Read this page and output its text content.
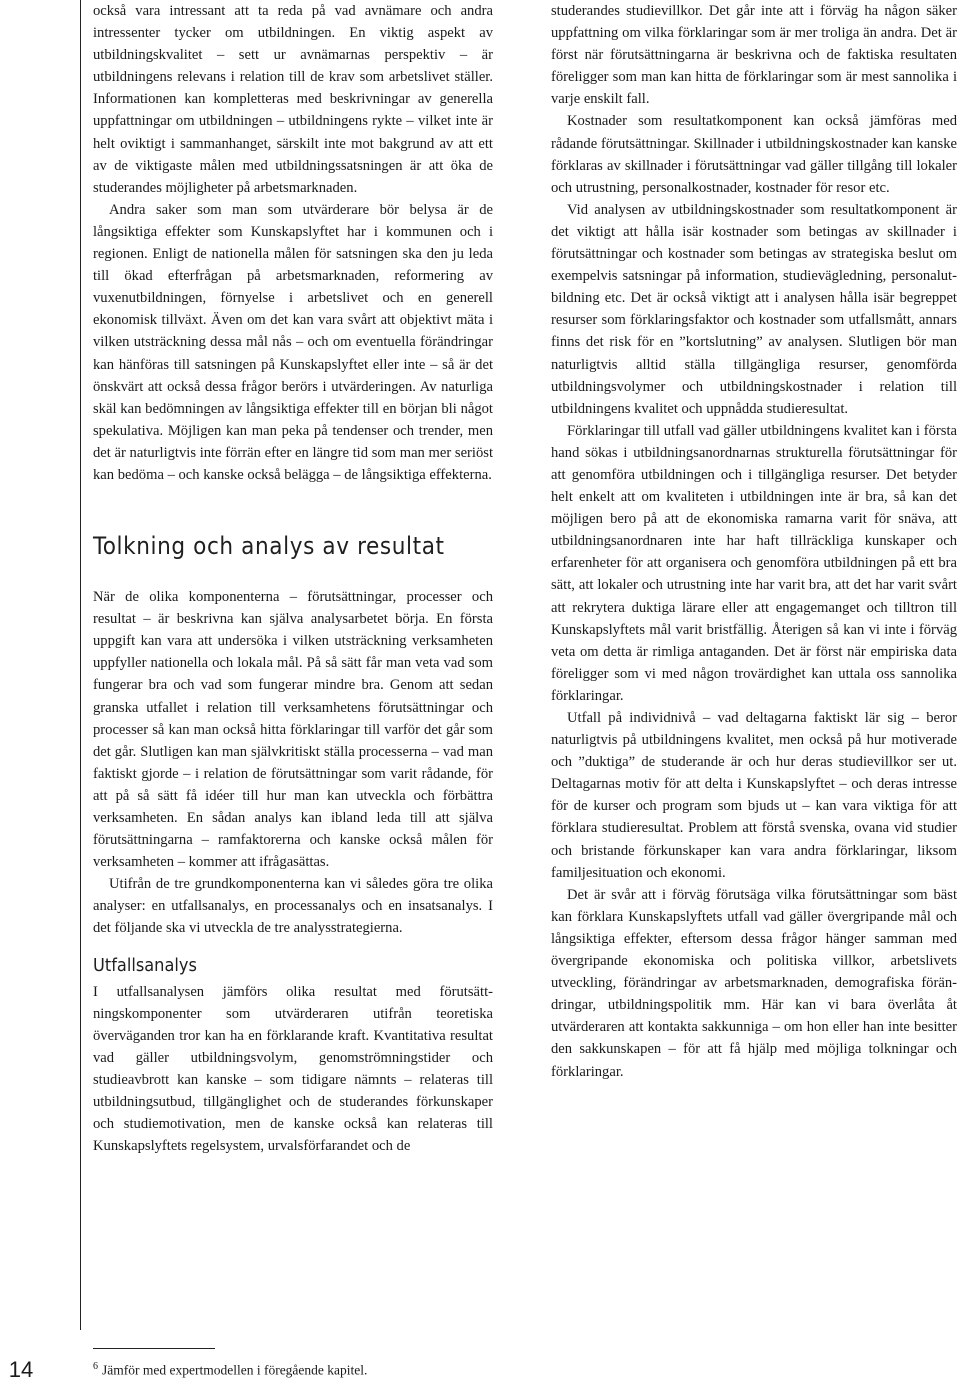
14

också vara intressant att ta reda på vad avnämare och andra intressenter tycker om utbildningen. En viktig aspekt av utbildningskvalitet – sett ur avnämarnas perspektiv – är utbildningens relevans i relation till de krav som arbetslivet ställer. Informationen kan kompletteras med beskrivningar av generella uppfattningar om utbildningen – utbildningens rykte – vilket inte är helt oviktigt i sammanhanget, särskilt inte mot bakgrund av att ett av de viktigaste målen med utbildningssatsningen är att öka de studerandes möjligheter på arbetsmarknaden.

Andra saker som man som utvärderare bör belysa är de långsiktiga effekter som Kunskapslyftet har i kommunen och i regionen. Enligt de nationella målen för satsningen ska den ju leda till ökad efterfrågan på arbetsmarknaden, reformering av vuxenutbildningen, förnyelse i arbetslivet och en generell ekonomisk tillväxt. Även om det kan vara svårt att objektivt mäta i vilken utsträckning dessa mål nås – och om eventuella förändringar kan hänföras till satsningen på Kunskapslyftet eller inte – så är det önskvärt att också dessa frågor berörs i utvärderingen. Av naturliga skäl kan bedömningen av långsiktiga effekter till en början bli något spekulativa. Möjligen kan man peka på tendenser och trender, men det är naturligtvis inte förrän efter en längre tid som man mer seriöst kan bedöma – och kanske också belägga – de långsiktiga effekterna.

Tolkning och analys av resultat

När de olika komponenterna – förutsättningar, processer och resultat – är beskrivna kan själva analysarbetet börja. En första uppgift kan vara att undersöka i vilken utsträckning verksamheten uppfyller nationella och lokala mål. På så sätt får man veta vad som fungerar bra och vad som fungerar mindre bra. Genom att sedan granska utfallet i relation till verksamhetens förutsättningar och processer så kan man också hitta förklaringar till varför det går som det går. Slutligen kan man självkritiskt ställa processerna – vad man faktiskt gjorde – i relation de förutsättningar som varit rådande, för att på så sätt få idéer till hur man kan utveckla och förbättra verksamheten. En sådan analys kan ibland leda till att själva förutsättningarna – ramfaktorerna och kanske också målen för verksamheten – kommer att ifrågasättas.

Utifrån de tre grundkomponenterna kan vi således göra tre olika analyser: en utfallsanalys, en processanalys och en insatsanalys. I det följande ska vi utveckla de tre analysstrategierna.

Utfallsanalys

I utfallsanalysen jämförs olika resultat med förutsättningskomponenter som utvärderaren utifrån teoretiska överväganden tror kan ha en förklarande kraft. Kvantitativa resultat vad gäller utbildningsvolym, genomströmningstider och studieavbrott kan kanske – som tidigare nämnts – relateras till utbildningsutbud, tillgänglighet och de studerandes förkunskaper och studiemotivation, men de kanske också kan relateras till Kunskapslyftets regelsystem, urvalsförfarandet och de

studerandes studievillkor. Det går inte att i förväg ha någon säker uppfattning om vilka förklaringar som är mer troliga än andra. Det är först när förutsättningarna är beskrivna och de faktiska resultaten föreligger som man kan hitta de förklaringar som är mest sannolika i varje enskilt fall.

Kostnader som resultatkomponent kan också jämföras med rådande förutsättningar. Skillnader i utbildningskostnader kan kanske förklaras av skillnader i förutsättningar vad gäller tillgång till lokaler och utrustning, personalkostnader, kostnader för resor etc.

Vid analysen av utbildningskostnader som resultatkomponent är det viktigt att hålla isär kostnader som betingas av skillnader i förutsättningar och kostnader som betingas av strategiska beslut om exempelvis satsningar på information, studievägledning, personalutbildning etc. Det är också viktigt att i analysen hålla isär begreppet resurser som förklaringsfaktor och kostnader som utfallsmått, annars finns det risk för en ”kortslutning” av analysen. Slutligen bör man naturligtvis alltid ställa tillgängliga resurser, genomförda utbildningsvolymer och utbildningskostnader i relation till utbildningens kvalitet och uppnådda studieresultat.

Förklaringar till utfall vad gäller utbildningens kvalitet kan i första hand sökas i utbildningsanordnarnas strukturella förutsättningar för att genomföra utbildningen och i tillgängliga resurser. Det betyder helt enkelt att om kvaliteten i utbildningen inte är bra, så kan det möjligen bero på att de ekonomiska ramarna varit för snäva, att utbildningsanordnaren inte har haft tillräckliga kunskaper och erfarenheter för att organisera och genomföra utbildningen på ett bra sätt, att lokaler och utrustning inte har varit bra, att det har varit svårt att rekrytera duktiga lärare eller att engagemanget och tilltron till Kunskapslyftets mål varit bristfällig. Återigen så kan vi inte i förväg veta om detta är rimliga antaganden. Det är först när empiriska data föreligger som vi med någon trovärdighet kan uttala oss sannolika förklaringar.

Utfall på individnivå – vad deltagarna faktiskt lär sig – beror naturligtvis på utbildningens kvalitet, men också på hur motiverade och ”duktiga” de studerande är och hur deras studievillkor ser ut. Deltagarnas motiv för att delta i Kunskapslyftet – och deras intresse för de kurser och program som bjuds ut – kan vara viktiga för att förklara studieresultat. Problem att förstå svenska, ovana vid studier och bristande förkunskaper kan vara andra förklaringar, liksom familjesituation och ekonomi.

Det är svår att i förväg förutsäga vilka förutsättningar som bäst kan förklara Kunskapslyftets utfall vad gäller övergripande mål och långsiktiga effekter, eftersom dessa frågor hänger samman med övergripande ekonomiska och politiska villkor, arbetslivets utveckling, förändringar av arbetsmarknaden, demografiska förändringar, utbildningspolitik mm. Här kan vi bara överlåta åt utvärderaren att kontakta sakkunniga – om hon eller han inte besitter den sakkunskapen – för att få hjälp med möjliga tolkningar och förklaringar.

$^6$ Jämför med expertmodellen i föregående kapitel.
